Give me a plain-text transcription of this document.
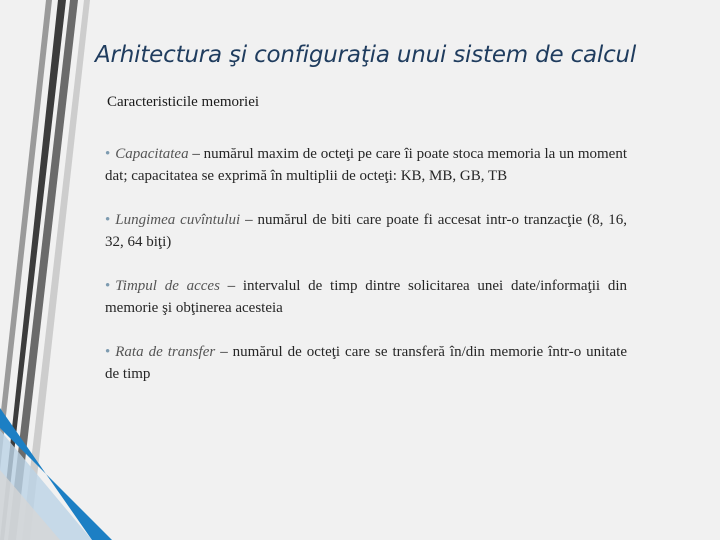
Arhitectura şi configuraţia unui sistem de calcul
Caracteristicile memoriei

• Capacitatea – numărul maxim de octeţi pe care îi poate stoca memoria la un moment dat; capacitatea se exprimă în multiplii de octeţi: KB, MB, GB, TB

• Lungimea cuvîntului – numărul de biti care poate fi accesat intr-o tranzacţie (8, 16, 32, 64 biţi)

• Timpul de acces – intervalul de timp dintre solicitarea unei date/informaţii din memorie şi obţinerea acesteia

• Rata de transfer – numărul de octeţi care se transferă în/din memorie într-o unitate de timp
